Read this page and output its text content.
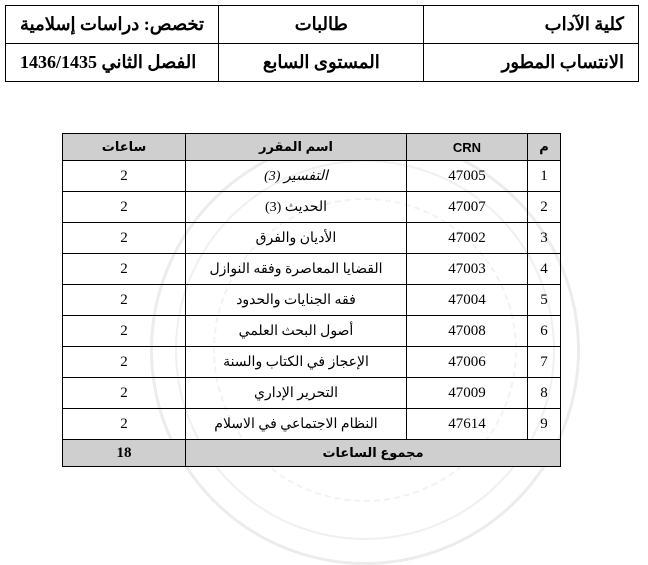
كلية الآداب	طالبات	تخصص: دراسات إسلامية
الانتساب المطور	المستوى السابع	الفصل الثاني 1436/1435
م	CRN	اسم المقرر	ساعات
1	47005	التفسير (3)	2
2	47007	الحديث (3)	2
3	47002	الأديان والفرق	2
4	47003	القضايا المعاصرة وفقه النوازل	2
5	47004	فقه الجنايات والحدود	2
6	47008	أصول البحث العلمي	2
7	47006	الإعجاز في الكتاب والسنة	2
8	47009	التحرير الإداري	2
9	47614	النظام الاجتماعي في الاسلام	2
مجموع الساعات			18
